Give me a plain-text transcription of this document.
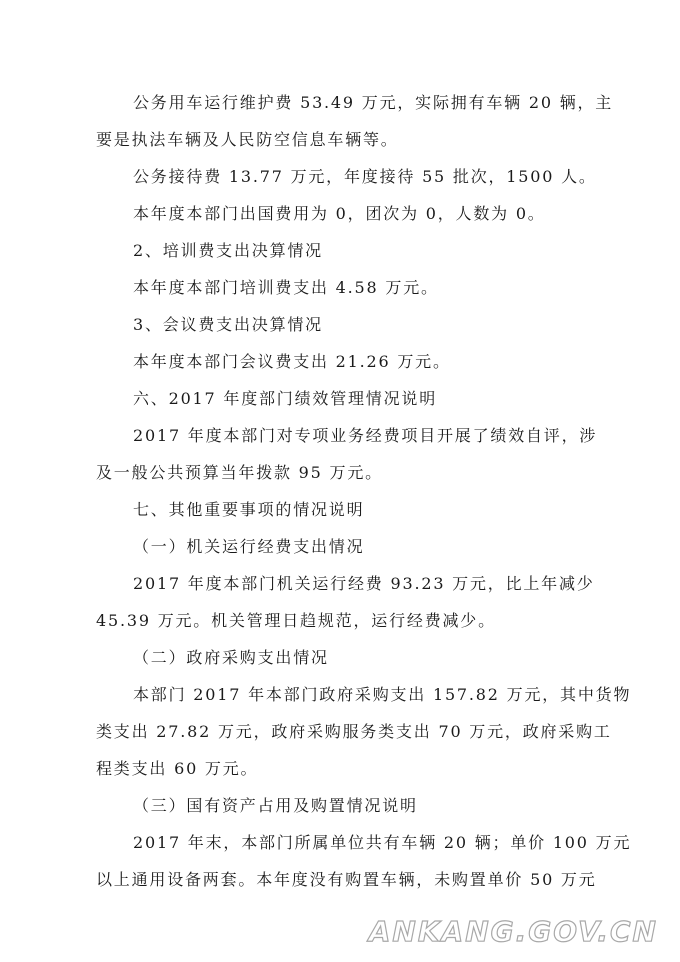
公务用车运行维护费 53.49 万元，实际拥有车辆 20 辆，主
要是执法车辆及人民防空信息车辆等。
公务接待费 13.77 万元，年度接待 55 批次，1500 人。
本年度本部门出国费用为 0，团次为 0，人数为 0。
2、培训费支出决算情况
本年度本部门培训费支出 4.58 万元。
3、会议费支出决算情况
本年度本部门会议费支出 21.26 万元。
六、2017 年度部门绩效管理情况说明
2017 年度本部门对专项业务经费项目开展了绩效自评，涉
及一般公共预算当年拨款 95 万元。
七、其他重要事项的情况说明
（一）机关运行经费支出情况
2017 年度本部门机关运行经费 93.23 万元，比上年减少
45.39 万元。机关管理日趋规范，运行经费减少。
（二）政府采购支出情况
本部门 2017 年本部门政府采购支出 157.82 万元，其中货物
类支出 27.82 万元，政府采购服务类支出 70 万元，政府采购工
程类支出 60 万元。
（三）国有资产占用及购置情况说明
2017 年末，本部门所属单位共有车辆 20 辆；单价 100 万元
以上通用设备两套。本年度没有购置车辆，未购置单价 50 万元
ANKANG.GOV.CN
